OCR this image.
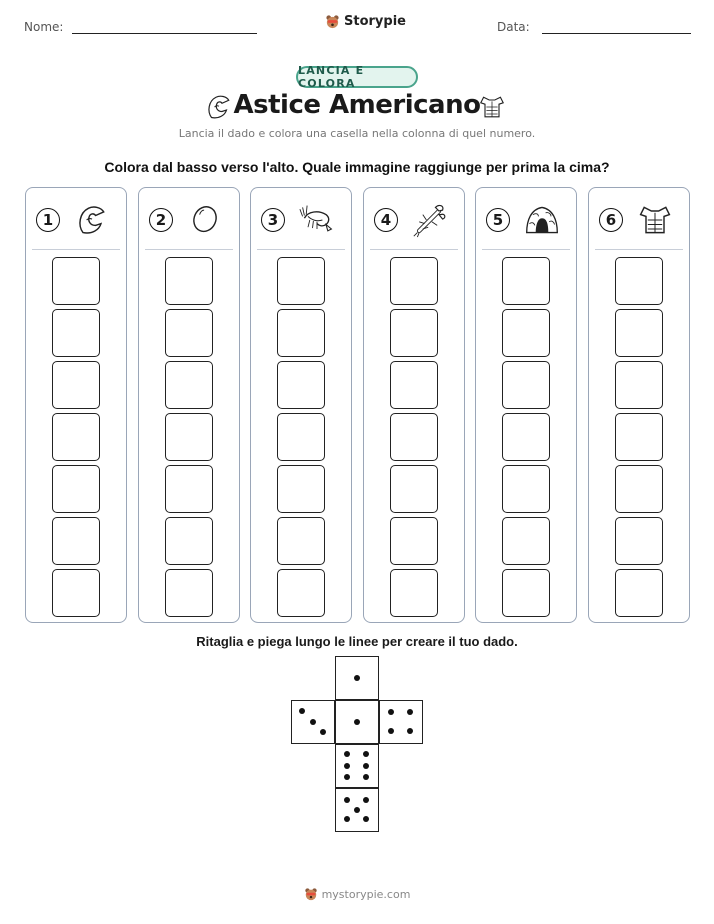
Nome:	Storypie	Data:
LANCIA E COLORA
Astice Americano
Lancia il dado e colora una casella nella colonna di quel numero.
Colora dal basso verso l'alto. Quale immagine raggiunge per prima la cima?
1	2	3	4	5	6
Ritaglia e piega lungo le linee per creare il tuo dado.
mystorypie.com
